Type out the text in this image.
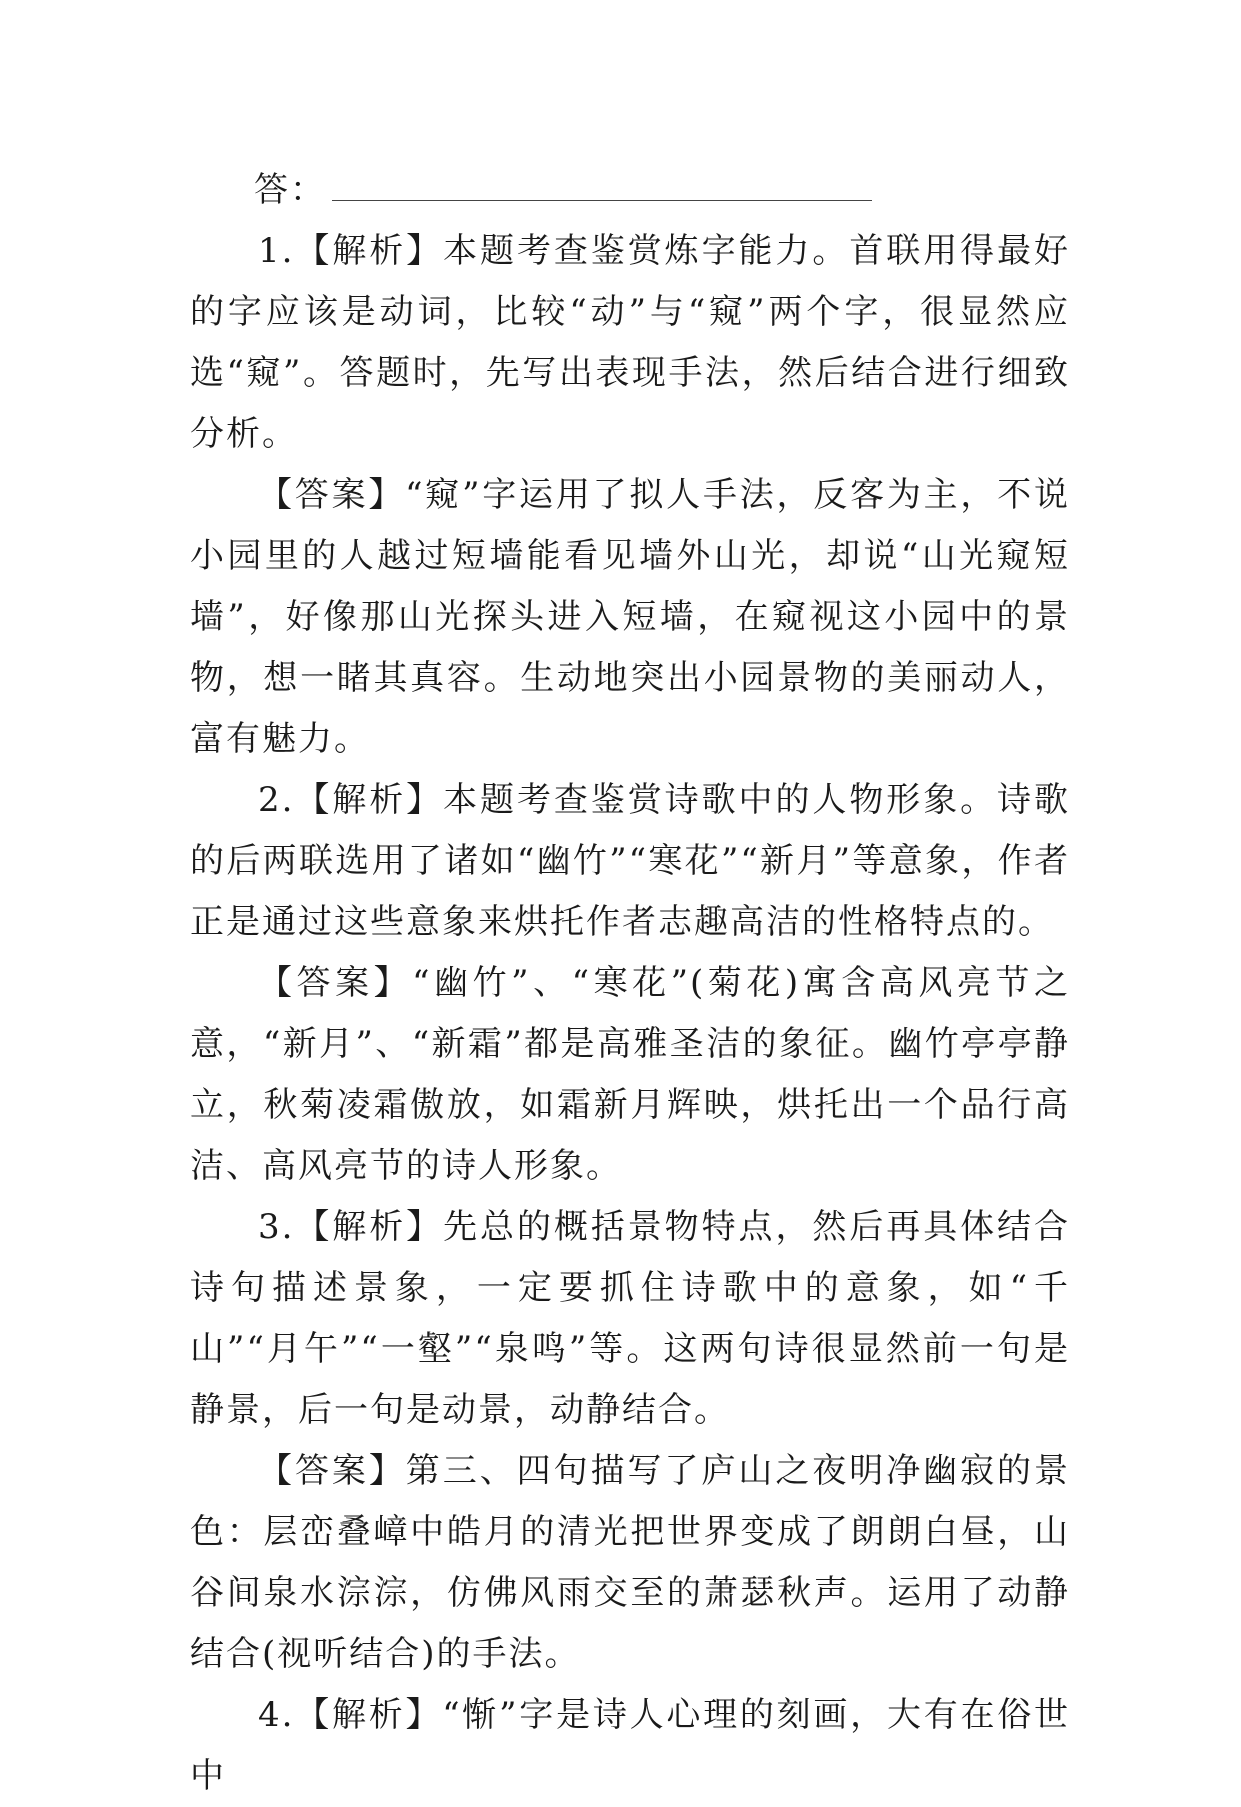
答：

1.【解析】本题考查鉴赏炼字能力。首联用得最好的字应该是动词，比较“动”与“窥”两个字，很显然应选“窥”。答题时，先写出表现手法，然后结合进行细致分析。

【答案】“窥”字运用了拟人手法，反客为主，不说小园里的人越过短墙能看见墙外山光，却说“山光窥短墙”，好像那山光探头进入短墙，在窥视这小园中的景物，想一睹其真容。生动地突出小园景物的美丽动人，富有魅力。

2.【解析】本题考查鉴赏诗歌中的人物形象。诗歌的后两联选用了诸如“幽竹”“寒花”“新月”等意象，作者正是通过这些意象来烘托作者志趣高洁的性格特点的。

【答案】“幽竹”、“寒花”(菊花)寓含高风亮节之意，“新月”、“新霜”都是高雅圣洁的象征。幽竹亭亭静立，秋菊凌霜傲放，如霜新月辉映，烘托出一个品行高洁、高风亮节的诗人形象。

3.【解析】先总的概括景物特点，然后再具体结合诗句描述景象，一定要抓住诗歌中的意象，如“千山”“月午”“一壑”“泉鸣”等。这两句诗很显然前一句是静景，后一句是动景，动静结合。

【答案】第三、四句描写了庐山之夜明净幽寂的景色：层峦叠嶂中皓月的清光把世界变成了朗朗白昼，山谷间泉水淙淙，仿佛风雨交至的萧瑟秋声。运用了动静结合(视听结合)的手法。

4.【解析】“惭”字是诗人心理的刻画，大有在俗世中
